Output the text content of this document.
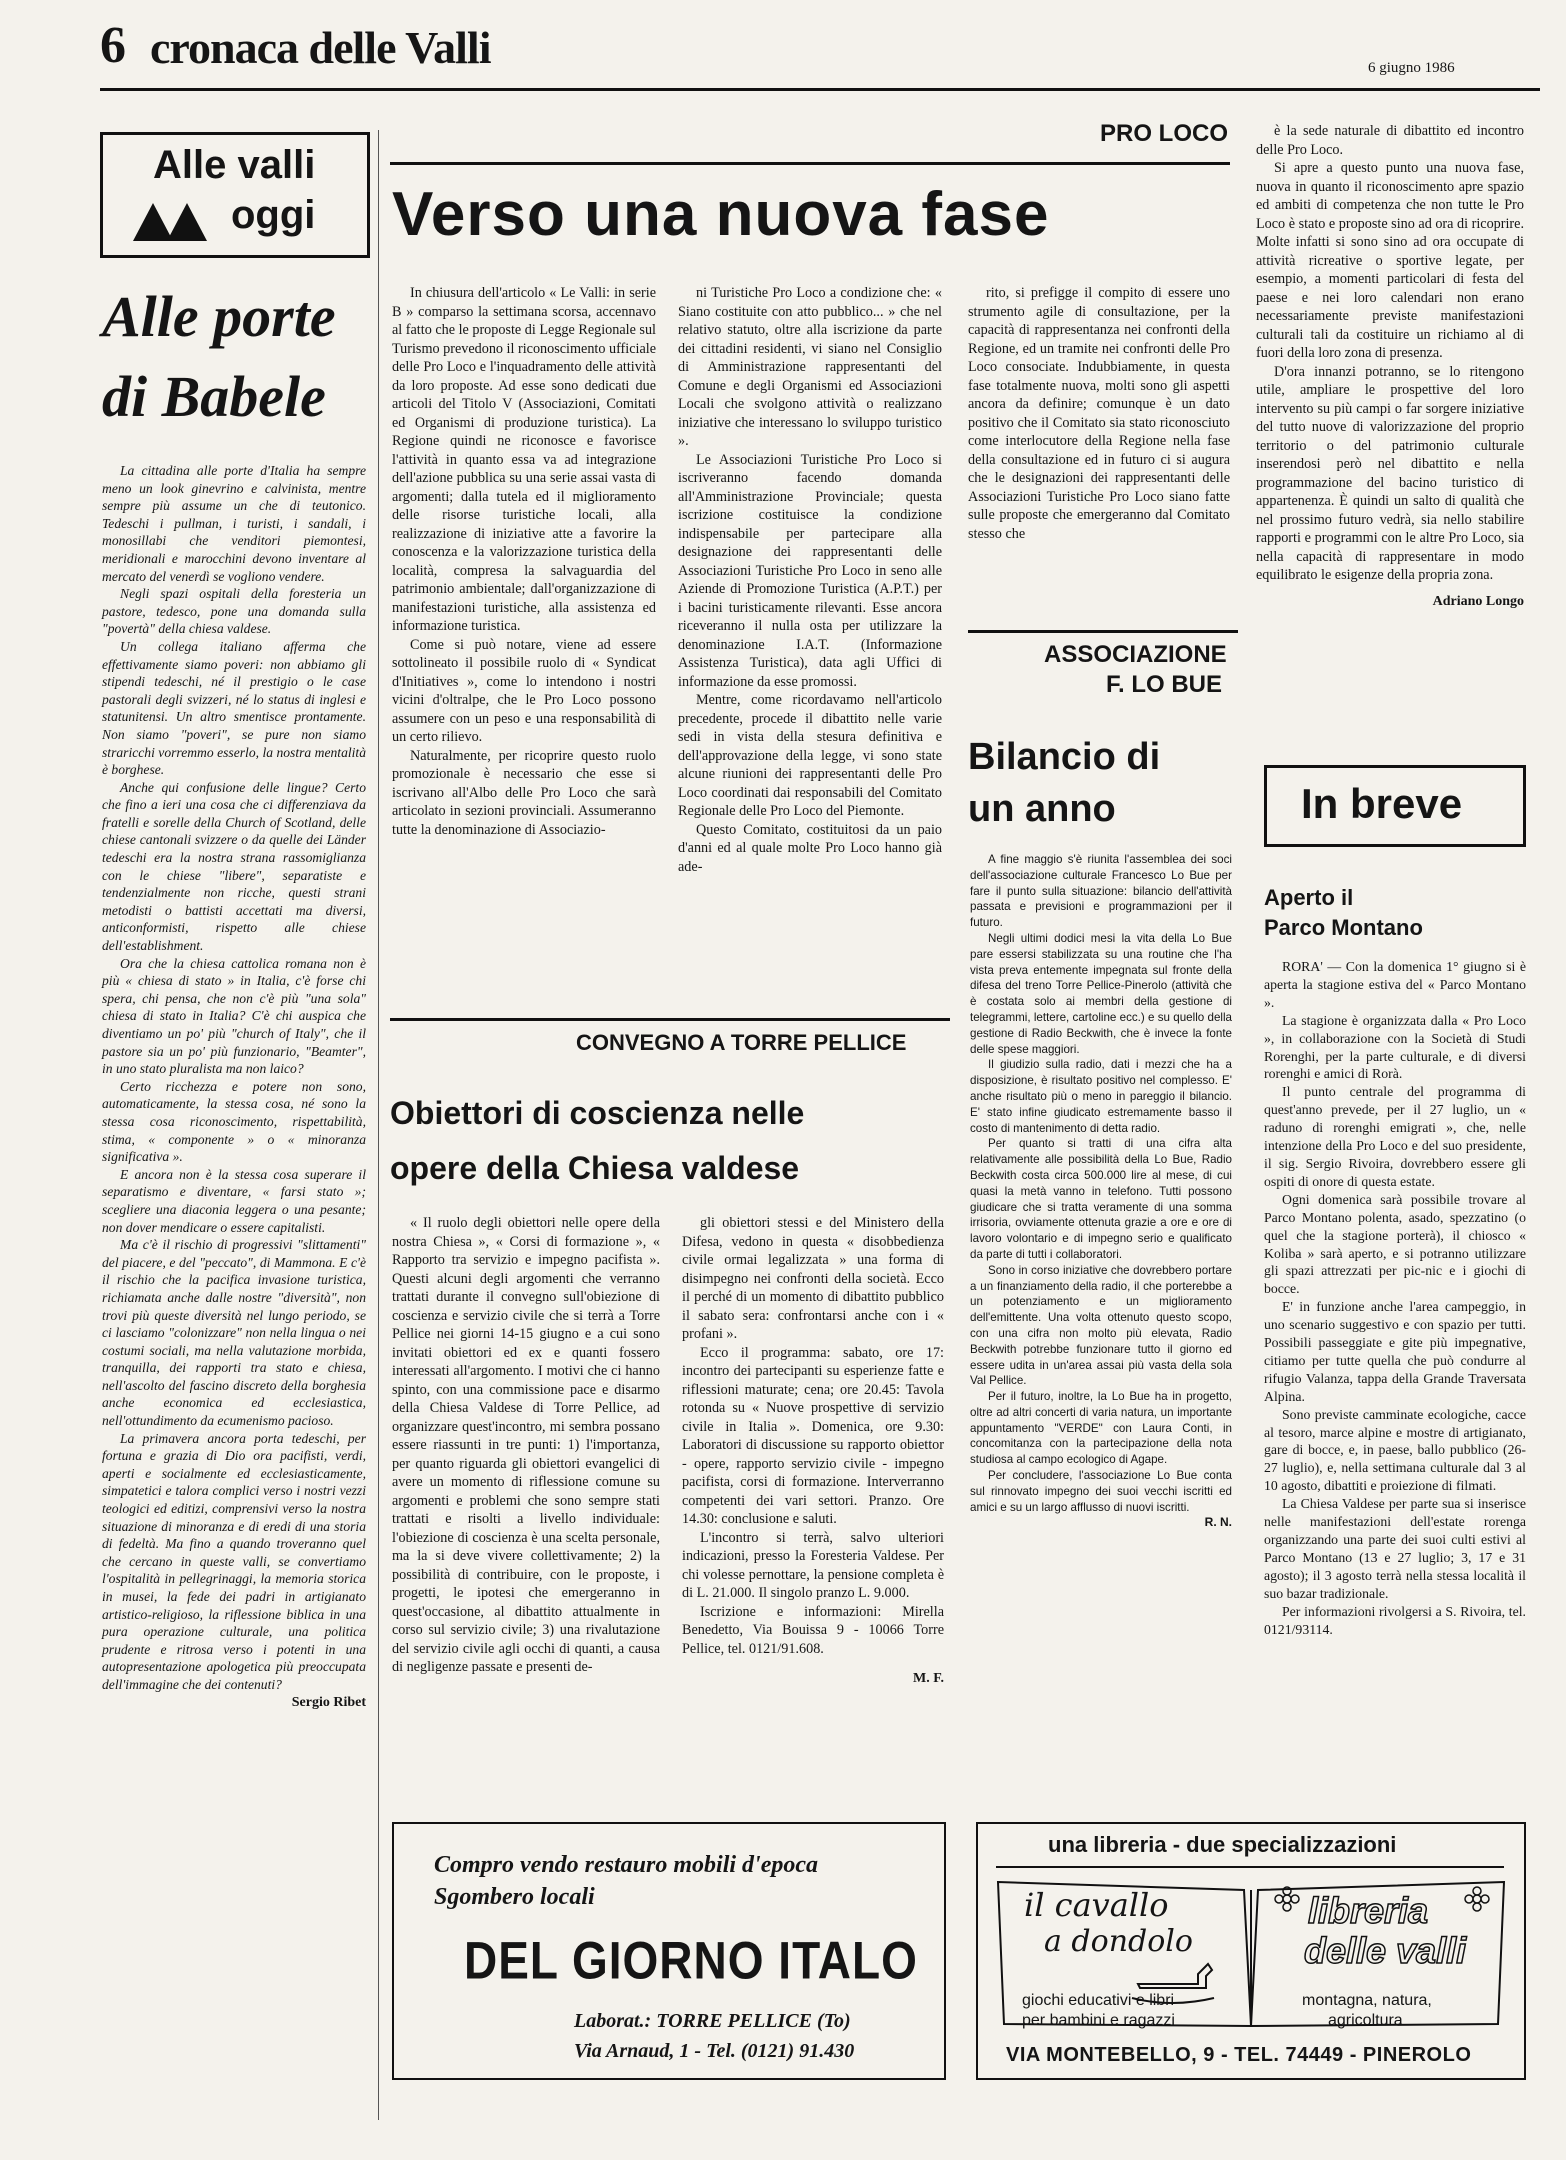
6 cronaca delle Valli	6 giugno 1986
Alle valli
oggi
Alle porte
di Babele

La cittadina alle porte d'Italia ha sempre meno un look ginevrino e calvinista, mentre sempre più assume un che di teutonico. Tedeschi i pullman, i turisti, i sandali, i monosillabi che venditori piemontesi, meridionali e marocchini devono inventare al mercato del venerdì se vogliono vendere.

Negli spazi ospitali della foresteria un pastore, tedesco, pone una domanda sulla "povertà" della chiesa valdese.

Un collega italiano afferma che effettivamente siamo poveri: non abbiamo gli stipendi tedeschi, né il prestigio o le case pastorali degli svizzeri, né lo status di inglesi e statunitensi. Un altro smentisce prontamente. Non siamo "poveri", se pure non siamo straricchi vorremmo esserlo, la nostra mentalità è borghese.

Anche qui confusione delle lingue? Certo che fino a ieri una cosa che ci differenziava da fratelli e sorelle della Church of Scotland, delle chiese cantonali svizzere o da quelle dei Länder tedeschi era la nostra strana rassomiglianza con le chiese "libere", separatiste e tendenzialmente non ricche, questi strani metodisti o battisti accettati ma diversi, anticonformisti, rispetto alle chiese dell'establishment.

Ora che la chiesa cattolica romana non è più « chiesa di stato » in Italia, c'è forse chi spera, chi pensa, che non c'è più "una sola" chiesa di stato in Italia? C'è chi auspica che diventiamo un po' più "church of Italy", che il pastore sia un po' più funzionario, "Beamter", in uno stato pluralista ma non laico?

Certo ricchezza e potere non sono, automaticamente, la stessa cosa, né sono la stessa cosa riconoscimento, rispettabilità, stima, « componente » o « minoranza significativa ».

E ancora non è la stessa cosa superare il separatismo e diventare, « farsi stato »; scegliere una diaconia leggera o una pesante; non dover mendicare o essere capitalisti.

Ma c'è il rischio di progressivi "slittamenti" del piacere, e del "peccato", di Mammona. E c'è il rischio che la pacifica invasione turistica, richiamata anche dalle nostre "diversità", non trovi più queste diversità nel lungo periodo, se ci lasciamo "colonizzare" non nella lingua o nei costumi sociali, ma nella valutazione morbida, tranquilla, dei rapporti tra stato e chiesa, nell'ascolto del fascino discreto della borghesia anche economica ed ecclesiastica, nell'ottundimento da ecumenismo pacioso.

La primavera ancora porta tedeschi, per fortuna e grazia di Dio ora pacifisti, verdi, aperti e socialmente ed ecclesiasticamente, simpatetici e talora complici verso i nostri vezzi teologici ed editizi, comprensivi verso la nostra situazione di minoranza e di eredi di una storia di fedeltà. Ma fino a quando troveranno quel che cercano in queste valli, se convertiamo l'ospitalità in pellegrinaggi, la memoria storica in musei, la fede dei padri in artigianato artistico-religioso, la riflessione biblica in una pura operazione culturale, una politica prudente e ritrosa verso i potenti in una autopresentazione apologetica più preoccupata dell'immagine che dei contenuti?

Sergio Ribet
PRO LOCO
Verso una nuova fase

In chiusura dell'articolo « Le Valli: in serie B » comparso la settimana scorsa, accennavo al fatto che le proposte di Legge Regionale sul Turismo prevedono il riconoscimento ufficiale delle Pro Loco e l'inquadramento delle attività da loro proposte. Ad esse sono dedicati due articoli del Titolo V (Associazioni, Comitati ed Organismi di produzione turistica). La Regione quindi ne riconosce e favorisce l'attività in quanto essa va ad integrazione dell'azione pubblica su una serie assai vasta di argomenti; dalla tutela ed il miglioramento delle risorse turistiche locali, alla realizzazione di iniziative atte a favorire la conoscenza e la valorizzazione turistica della località, compresa la salvaguardia del patrimonio ambientale; dall'organizzazione di manifestazioni turistiche, alla assistenza ed informazione turistica.

Come si può notare, viene ad essere sottolineato il possibile ruolo di « Syndicat d'Initiatives », come lo intendono i nostri vicini d'oltralpe, che le Pro Loco possono assumere con un peso e una responsabilità di un certo rilievo.

Naturalmente, per ricoprire questo ruolo promozionale è necessario che esse si iscrivano all'Albo delle Pro Loco che sarà articolato in sezioni provinciali. Assumeranno tutte la denominazione di Associazio-

ni Turistiche Pro Loco a condizione che: « Siano costituite con atto pubblico... » che nel relativo statuto, oltre alla iscrizione da parte dei cittadini residenti, vi siano nel Consiglio di Amministrazione rappresentanti del Comune e degli Organismi ed Associazioni Locali che svolgono attività o realizzano iniziative che interessano lo sviluppo turistico ».

Le Associazioni Turistiche Pro Loco si iscriveranno facendo domanda all'Amministrazione Provinciale; questa iscrizione costituisce la condizione indispensabile per partecipare alla designazione dei rappresentanti delle Associazioni Turistiche Pro Loco in seno alle Aziende di Promozione Turistica (A.P.T.) per i bacini turisticamente rilevanti. Esse ancora riceveranno il nulla osta per utilizzare la denominazione I.A.T. (Informazione Assistenza Turistica), data agli Uffici di informazione da esse promossi.

Mentre, come ricordavamo nell'articolo precedente, procede il dibattito nelle varie sedi in vista della stesura definitiva e dell'approvazione della legge, vi sono state alcune riunioni dei rappresentanti delle Pro Loco coordinati dai responsabili del Comitato Regionale delle Pro Loco del Piemonte.

Questo Comitato, costituitosi da un paio d'anni ed al quale molte Pro Loco hanno già ade-

rito, si prefigge il compito di essere uno strumento agile di consultazione, per la capacità di rappresentanza nei confronti della Regione, ed un tramite nei confronti delle Pro Loco consociate. Indubbiamente, in questa fase totalmente nuova, molti sono gli aspetti ancora da definire; comunque è un dato positivo che il Comitato sia stato riconosciuto come interlocutore della Regione nella fase della consultazione ed in futuro ci si augura che le designazioni dei rappresentanti delle Associazioni Turistiche Pro Loco siano fatte sulle proposte che emergeranno dal Comitato stesso che

è la sede naturale di dibattito ed incontro delle Pro Loco.

Si apre a questo punto una nuova fase, nuova in quanto il riconoscimento apre spazio ed ambiti di competenza che non tutte le Pro Loco è stato e proposte sino ad ora di ricoprire. Molte infatti si sono sino ad ora occupate di attività ricreative o sportive legate, per esempio, a momenti particolari di festa del paese e nei loro calendari non erano necessariamente previste manifestazioni culturali tali da costituire un richiamo al di fuori della loro zona di presenza.

D'ora innanzi potranno, se lo ritengono utile, ampliare le prospettive del loro intervento su più campi o far sorgere iniziative del tutto nuove di valorizzazione del proprio territorio o del patrimonio culturale inserendosi però nel dibattito e nella programmazione del bacino turistico di appartenenza. È quindi un salto di qualità che nel prossimo futuro vedrà, sia nello stabilire rapporti e programmi con le altre Pro Loco, sia nella capacità di rappresentare in modo equilibrato le esigenze della propria zona.

Adriano Longo
ASSOCIAZIONE
F. LO BUE
Bilancio di
un anno

A fine maggio s'è riunita l'assemblea dei soci dell'associazione culturale Francesco Lo Bue per fare il punto sulla situazione: bilancio dell'attività passata e previsioni e programmazioni per il futuro.

Negli ultimi dodici mesi la vita della Lo Bue pare essersi stabilizzata su una routine che l'ha vista preva entemente impegnata sul fronte della difesa del treno Torre Pellice-Pinerolo (attività che è costata solo ai membri della gestione di telegrammi, lettere, cartoline ecc.) e su quello della gestione di Radio Beckwith, che è invece la fonte delle spese maggiori.

Il giudizio sulla radio, dati i mezzi che ha a disposizione, è risultato positivo nel complesso. E' anche risultato più o meno in pareggio il bilancio. E' stato infine giudicato estremamente basso il costo di mantenimento di detta radio.

Per quanto si tratti di una cifra alta relativamente alle possibilità della Lo Bue, Radio Beckwith costa circa 500.000 lire al mese, di cui quasi la metà vanno in telefono. Tutti possono giudicare che si tratta veramente di una somma irrisoria, ovviamente ottenuta grazie a ore e ore di lavoro volontario e di impegno serio e qualificato da parte di tutti i collaboratori.

Sono in corso iniziative che dovrebbero portare a un finanziamento della radio, il che porterebbe a un potenziamento e un miglioramento dell'emittente. Una volta ottenuto questo scopo, con una cifra non molto più elevata, Radio Beckwith potrebbe funzionare tutto il giorno ed essere udita in un'area assai più vasta della sola Val Pellice.

Per il futuro, inoltre, la Lo Bue ha in progetto, oltre ad altri concerti di varia natura, un importante appuntamento "VERDE" con Laura Conti, in concomitanza con la partecipazione della nota studiosa al campo ecologico di Agape.

Per concludere, l'associazione Lo Bue conta sul rinnovato impegno dei suoi vecchi iscritti ed amici e su un largo afflusso di nuovi iscritti.

R. N.
In breve
Aperto il
Parco Montano

RORA' — Con la domenica 1° giugno si è aperta la stagione estiva del « Parco Montano ».

La stagione è organizzata dalla « Pro Loco », in collaborazione con la Società di Studi Rorenghi, per la parte culturale, e di diversi rorenghi e amici di Rorà.

Il punto centrale del programma di quest'anno prevede, per il 27 luglio, un « raduno di rorenghi emigrati », che, nelle intenzione della Pro Loco e del suo presidente, il sig. Sergio Rivoira, dovrebbero essere gli ospiti di onore di questa estate.

Ogni domenica sarà possibile trovare al Parco Montano polenta, asado, spezzatino (o quel che la stagione porterà), il chiosco « Koliba » sarà aperto, e si potranno utilizzare gli spazi attrezzati per pic-nic e i giochi di bocce.

E' in funzione anche l'area campeggio, in uno scenario suggestivo e con spazio per tutti. Possibili passeggiate e gite più impegnative, citiamo per tutte quella che può condurre al rifugio Valanza, tappa della Grande Traversata Alpina.

Sono previste camminate ecologiche, cacce al tesoro, marce alpine e mostre di artigianato, gare di bocce, e, in paese, ballo pubblico (26-27 luglio), e, nella settimana culturale dal 3 al 10 agosto, dibattiti e proiezione di filmati.

La Chiesa Valdese per parte sua si inserisce nelle manifestazioni dell'estate rorenga organizzando una parte dei suoi culti estivi al Parco Montano (13 e 27 luglio; 3, 17 e 31 agosto); il 3 agosto terrà nella stessa località il suo bazar tradizionale.

Per informazioni rivolgersi a S. Rivoira, tel. 0121/93114.

CONVEGNO A TORRE PELLICE
Obiettori di coscienza nelle
opere della Chiesa valdese

« Il ruolo degli obiettori nelle opere della nostra Chiesa », « Corsi di formazione », « Rapporto tra servizio e impegno pacifista ». Questi alcuni degli argomenti che verranno trattati durante il convegno sull'obiezione di coscienza e servizio civile che si terrà a Torre Pellice nei giorni 14-15 giugno e a cui sono invitati obiettori ed ex e quanti fossero interessati all'argomento. I motivi che ci hanno spinto, con una commissione pace e disarmo della Chiesa Valdese di Torre Pellice, ad organizzare quest'incontro, mi sembra possano essere riassunti in tre punti: 1) l'importanza, per quanto riguarda gli obiettori evangelici di avere un momento di riflessione comune su argomenti e problemi che sono sempre stati trattati e risolti a livello individuale: l'obiezione di coscienza è una scelta personale, ma la si deve vivere collettivamente; 2) la possibilità di contribuire, con le proposte, i progetti, le ipotesi che emergeranno in quest'occasione, al dibattito attualmente in corso sul servizio civile; 3) una rivalutazione del servizio civile agli occhi di quanti, a causa di negligenze passate e presenti de-

gli obiettori stessi e del Ministero della Difesa, vedono in questa « disobbedienza civile ormai legalizzata » una forma di disimpegno nei confronti della società. Ecco il perché di un momento di dibattito pubblico il sabato sera: confrontarsi anche con i « profani ».

Ecco il programma: sabato, ore 17: incontro dei partecipanti su esperienze fatte e riflessioni maturate; cena; ore 20.45: Tavola rotonda su « Nuove prospettive di servizio civile in Italia ». Domenica, ore 9.30: Laboratori di discussione su rapporto obiettor - opere, rapporto servizio civile - impegno pacifista, corsi di formazione. Interverranno competenti dei vari settori. Pranzo. Ore 14.30: conclusione e saluti.

L'incontro si terrà, salvo ulteriori indicazioni, presso la Foresteria Valdese. Per chi volesse pernottare, la pensione completa è di L. 21.000. Il singolo pranzo L. 9.000.

Iscrizione e informazioni: Mirella Benedetto, Via Bouissa 9 - 10066 Torre Pellice, tel. 0121/91.608.

M. F.
Compro vendo restauro mobili d'epoca
Sgombero locali
DEL GIORNO ITALO
Laborat.: TORRE PELLICE (To)
Via Arnaud, 1 - Tel. (0121) 91.430
una libreria - due specializzazioni
il cavallo
a dondolo
giochi educativi e libri
per bambini e ragazzi
libreria
delle valli
montagna, natura,
agricoltura
VIA MONTEBELLO, 9 - TEL. 74449 - PINEROLO
